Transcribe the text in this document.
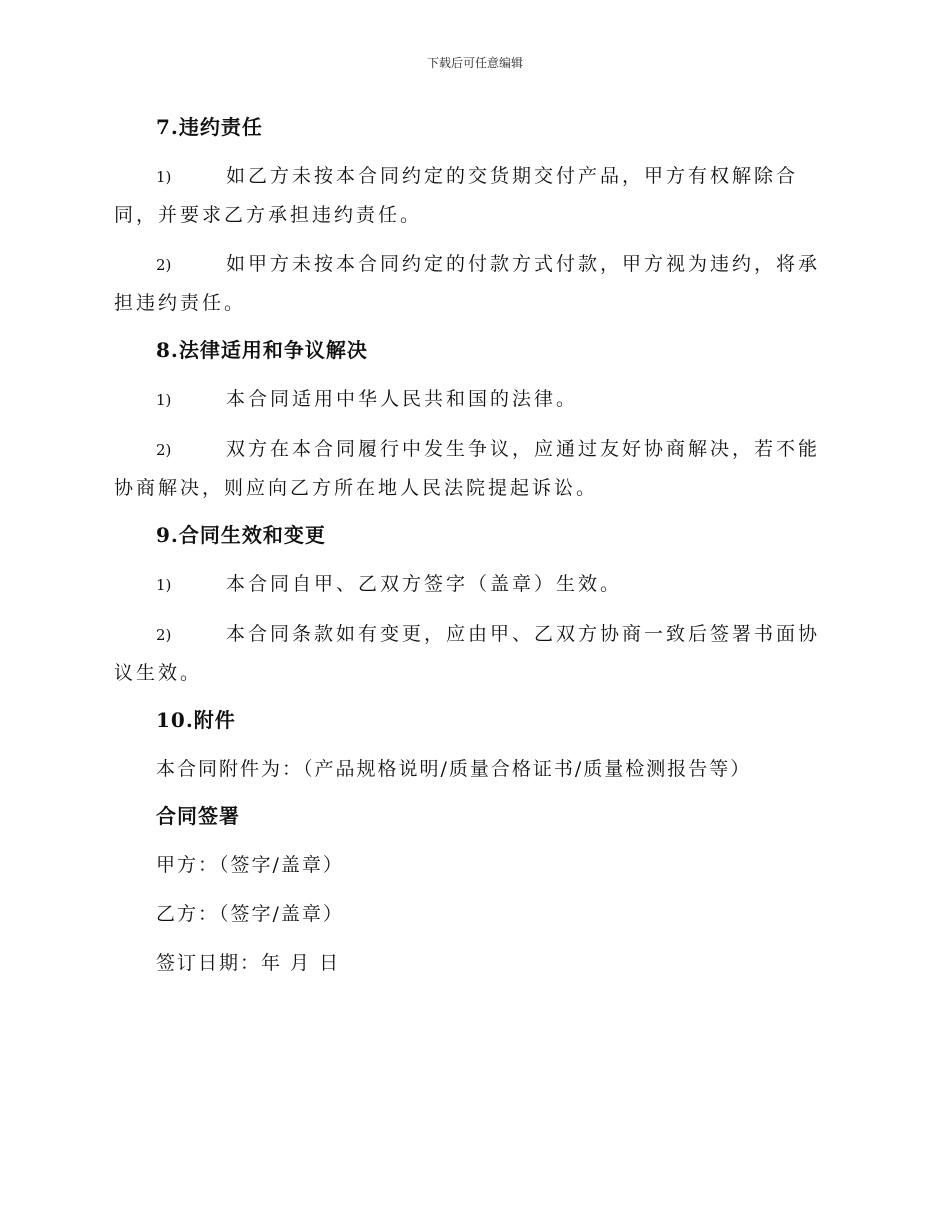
下载后可任意编辑
7.违约责任
1)	如乙方未按本合同约定的交货期交付产品，甲方有权解除合同，并要求乙方承担违约责任。
2)	如甲方未按本合同约定的付款方式付款，甲方视为违约，将承担违约责任。
8.法律适用和争议解决
1)	本合同适用中华人民共和国的法律。
2)	双方在本合同履行中发生争议，应通过友好协商解决，若不能协商解决，则应向乙方所在地人民法院提起诉讼。
9.合同生效和变更
1)	本合同自甲、乙双方签字（盖章）生效。
2)	本合同条款如有变更，应由甲、乙双方协商一致后签署书面协议生效。
10.附件
本合同附件为：（产品规格说明/质量合格证书/质量检测报告等）
合同签署
甲方：（签字/盖章）
乙方：（签字/盖章）
签订日期：年 月 日
